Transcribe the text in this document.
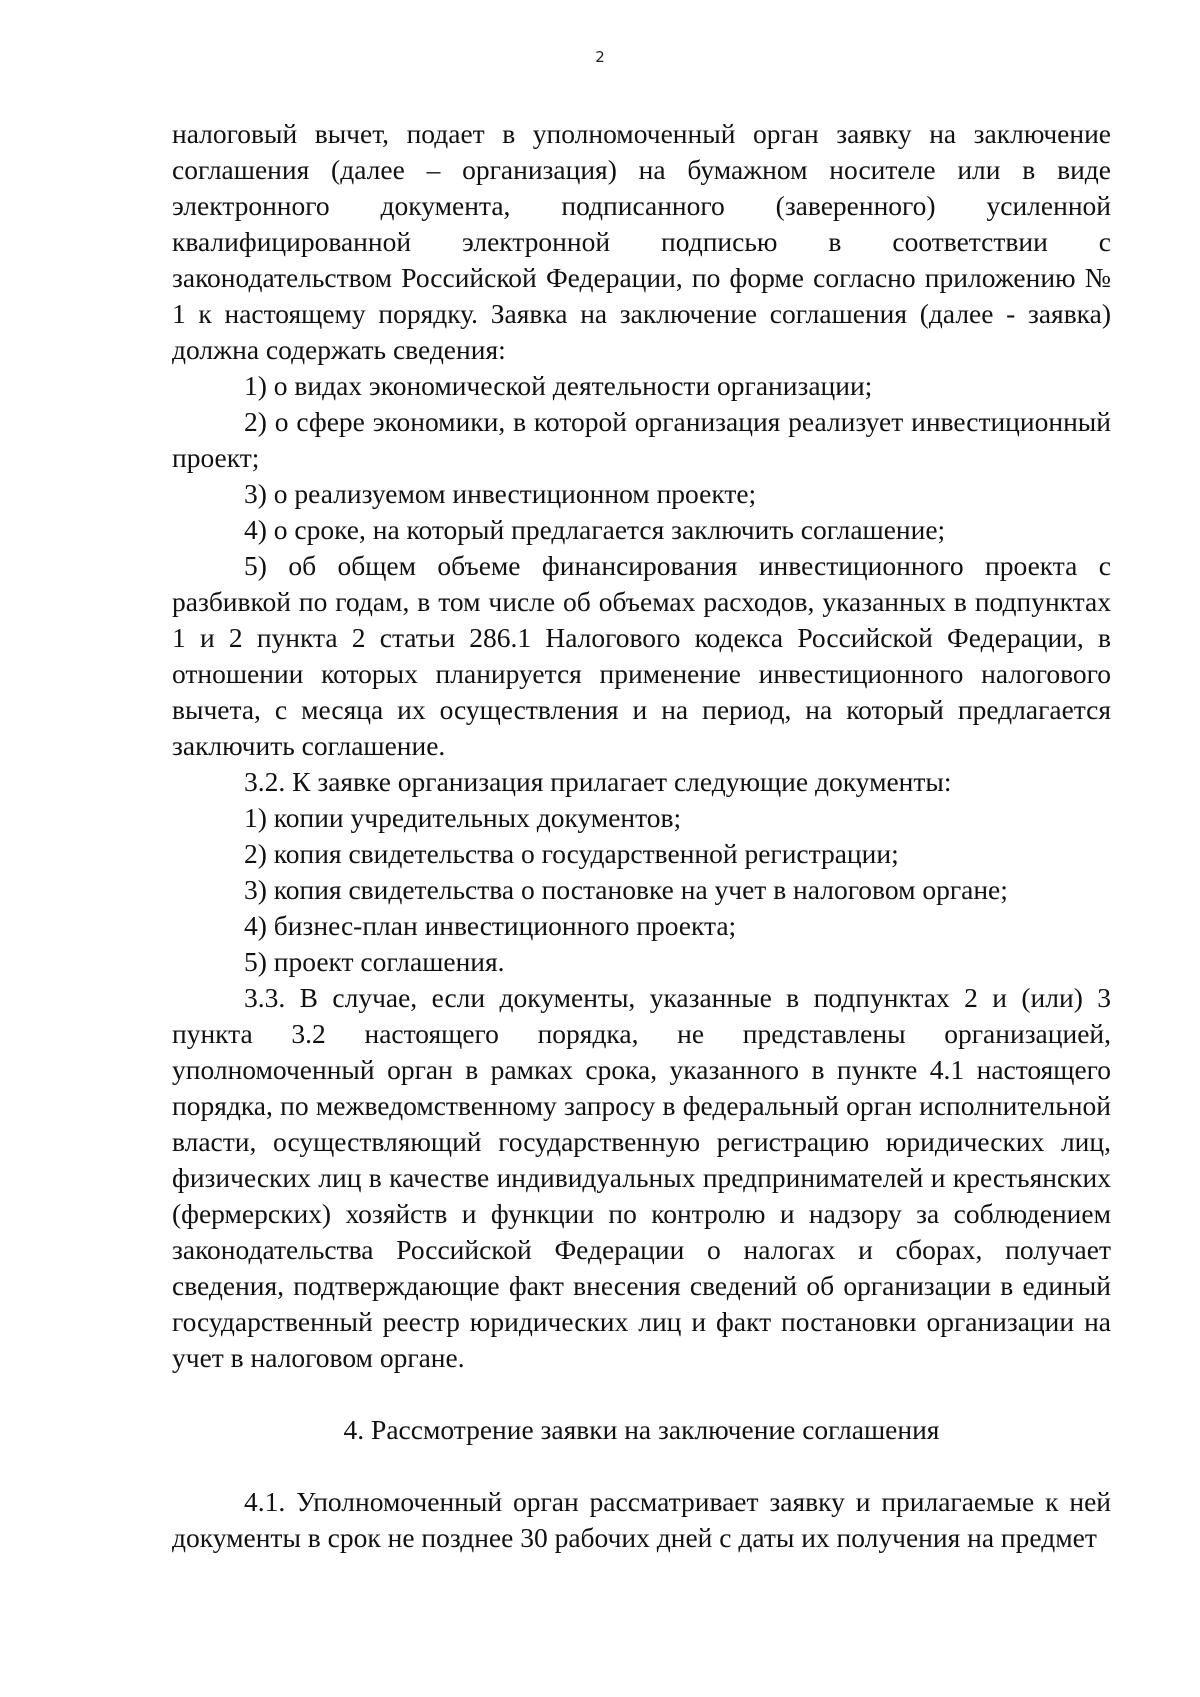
2

налоговый вычет, подает в уполномоченный орган заявку на заключение соглашения (далее – организация) на бумажном носителе или в виде электронного документа, подписанного (заверенного) усиленной квалифицированной электронной подписью в соответствии с законодательством Российской Федерации, по форме согласно приложению № 1 к настоящему порядку. Заявка на заключение соглашения (далее - заявка) должна содержать сведения:

1) о видах экономической деятельности организации;

2) о сфере экономики, в которой организация реализует инвестиционный проект;

3) о реализуемом инвестиционном проекте;

4) о сроке, на который предлагается заключить соглашение;

5) об общем объеме финансирования инвестиционного проекта с разбивкой по годам, в том числе об объемах расходов, указанных в подпунктах 1 и 2 пункта 2 статьи 286.1 Налогового кодекса Российской Федерации, в отношении которых планируется применение инвестиционного налогового вычета, с месяца их осуществления и на период, на который предлагается заключить соглашение.

3.2. К заявке организация прилагает следующие документы:

1) копии учредительных документов;

2) копия свидетельства о государственной регистрации;

3) копия свидетельства о постановке на учет в налоговом органе;

4) бизнес-план инвестиционного проекта;

5) проект соглашения.

3.3. В случае, если документы, указанные в подпунктах 2 и (или) 3 пункта 3.2 настоящего порядка, не представлены организацией, уполномоченный орган в рамках срока, указанного в пункте 4.1 настоящего порядка, по межведомственному запросу в федеральный орган исполнительной власти, осуществляющий государственную регистрацию юридических лиц, физических лиц в качестве индивидуальных предпринимателей и крестьянских (фермерских) хозяйств и функции по контролю и надзору за соблюдением законодательства Российской Федерации о налогах и сборах, получает сведения, подтверждающие факт внесения сведений об организации в единый государственный реестр юридических лиц и факт постановки организации на учет в налоговом органе.

4. Рассмотрение заявки на заключение соглашения

4.1. Уполномоченный орган рассматривает заявку и прилагаемые к ней документы в срок не позднее 30 рабочих дней с даты их получения на предмет
